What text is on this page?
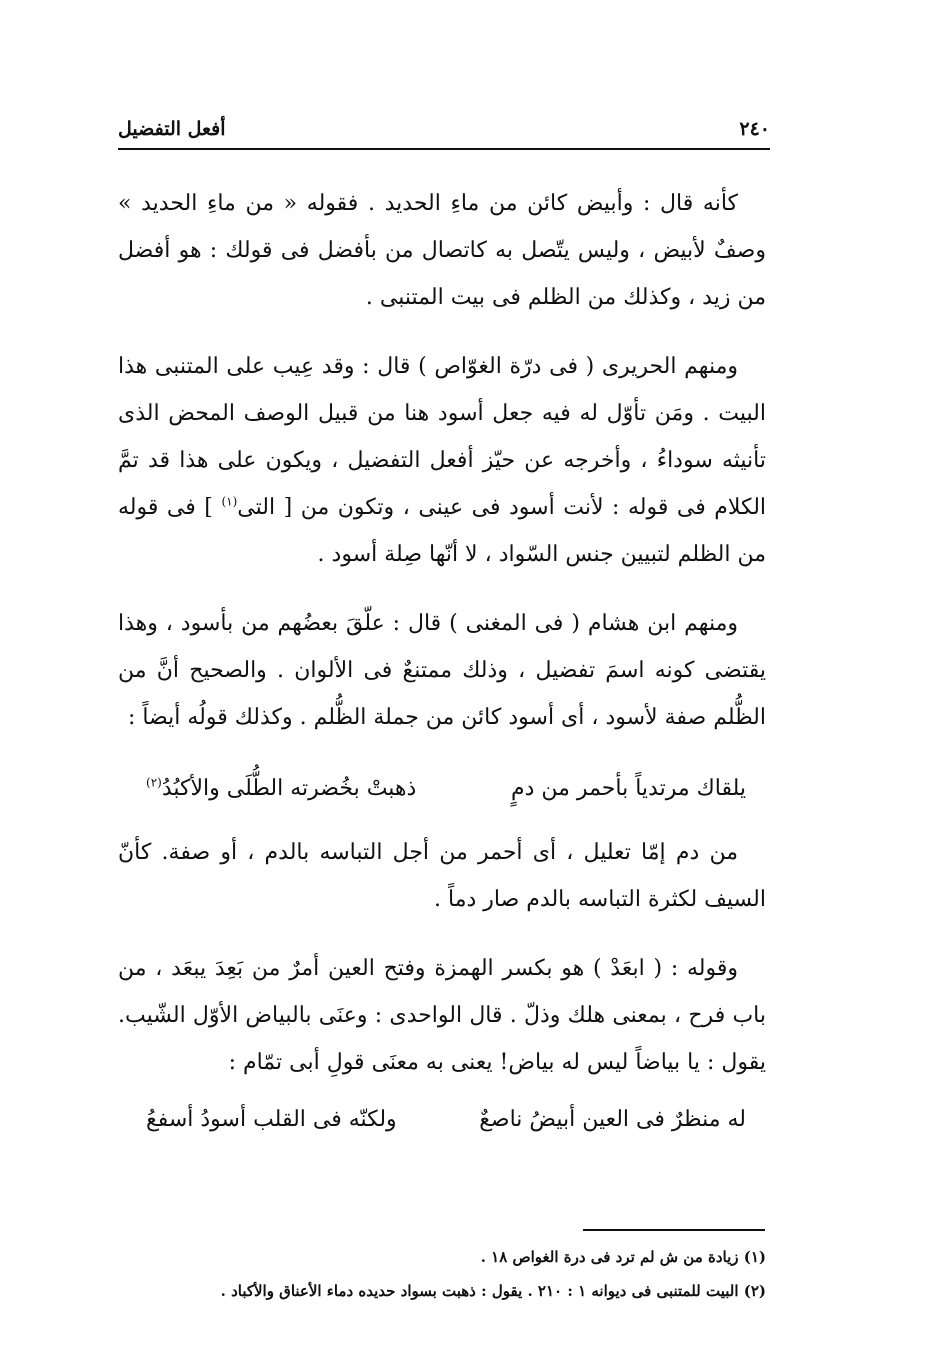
أفعل التفضيل	٢٤٠

كأنه قال : وأبيض كائن من ماءِ الحديد . فقوله « من ماءِ الحديد » وصفٌ لأبيض ، وليس يتّصل به كاتصال من بأفضل فى قولك : هو أفضل من زيد ، وكذلك من الظلم فى بيت المتنبى .

ومنهم الحريرى ( فى درّة الغوّاص ) قال : وقد عِيب على المتنبى هذا البيت . ومَن تأوّل له فيه جعل أسود هنا من قبيل الوصف المحض الذى تأنيثه سوداءُ ، وأخرجه عن حيّز أفعل التفضيل ، ويكون على هذا قد تمَّ الكلام فى قوله : لأنت أسود فى عينى ، وتكون من [ التى$^{(١)}$ ] فى قوله من الظلم لتبيين جنس السّواد ، لا أنّها صِلة أسود .

ومنهم ابن هشام ( فى المغنى ) قال : علّقَ بعضُهم من بأسود ، وهذا يقتضى كونه اسمَ تفضيل ، وذلك ممتنعٌ فى الألوان . والصحيح أنَّ من الظُّلم صفة لأسود ، أى أسود كائن من جملة الظُّلم . وكذلك قولُه أيضاً :

يلقاك مرتدياً بأحمر من دمٍ
ذهبتْ بخُضرته الطُّلَى والأكبُدُ$^{(٢)}$

من دم إمّا تعليل ، أى أحمر من أجل التباسه بالدم ، أو صفة. كأنّ السيف لكثرة التباسه بالدم صار دماً .

وقوله : ( ابعَدْ ) هو بكسر الهمزة وفتح العين أمرٌ من بَعِدَ يبعَد ، من باب فرح ، بمعنى هلك وذلّ . قال الواحدى : وعنَى بالبياض الأوّل الشّيب. يقول : يا بياضاً ليس له بياض! يعنى به معنَى قولِ أبى تمّام :

له منظرٌ فى العين أبيضُ ناصعٌ
ولكنّه فى القلب أسودُ أسفعُ
(١) زيادة من ش لم ترد فى درة الغواص ١٨ .
(٢) البيت للمتنبى فى ديوانه ١ : ٢١٠ . يقول : ذهبت بسواد حديده دماء الأعناق والأكباد .
